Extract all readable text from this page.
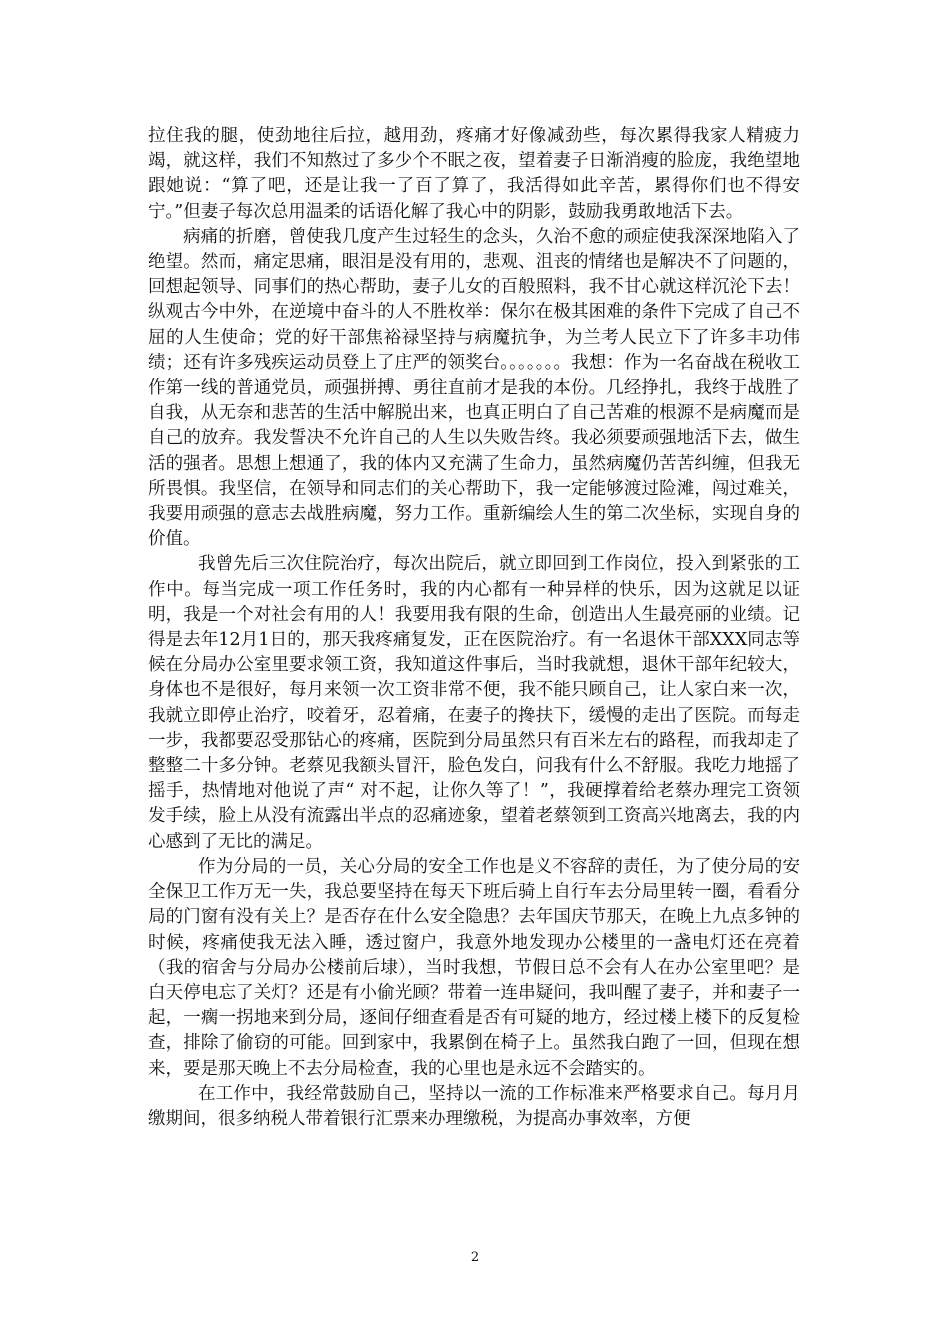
拉住我的腿，使劲地往后拉，越用劲，疼痛才好像减劲些，每次累得我家人精疲力竭，就这样，我们不知熬过了多少个不眠之夜，望着妻子日渐消瘦的脸庞，我绝望地跟她说：“算了吧，还是让我一了百了算了，我活得如此辛苦，累得你们也不得安宁。”但妻子每次总用温柔的话语化解了我心中的阴影，鼓励我勇敢地活下去。

病痛的折磨，曾使我几度产生过轻生的念头，久治不愈的顽症使我深深地陷入了绝望。然而，痛定思痛，眼泪是没有用的，悲观、沮丧的情绪也是解决不了问题的，回想起领导、同事们的热心帮助，妻子儿女的百般照料，我不甘心就这样沉沦下去！纵观古今中外，在逆境中奋斗的人不胜枚举：保尔在极其困难的条件下完成了自己不屈的人生使命；党的好干部焦裕禄坚持与病魔抗争，为兰考人民立下了许多丰功伟绩；还有许多残疾运动员登上了庄严的领奖台。。。。。。。我想：作为一名奋战在税收工作第一线的普通党员，顽强拼搏、勇往直前才是我的本份。几经挣扎，我终于战胜了自我，从无奈和悲苦的生活中解脱出来，也真正明白了自己苦难的根源不是病魔而是自己的放弃。我发誓决不允许自己的人生以失败告终。我必须要顽强地活下去，做生活的强者。思想上想通了，我的体内又充满了生命力，虽然病魔仍苦苦纠缠，但我无所畏惧。我坚信，在领导和同志们的关心帮助下，我一定能够渡过险滩，闯过难关，我要用顽强的意志去战胜病魔，努力工作。重新编绘人生的第二次坐标，实现自身的价值。

我曾先后三次住院治疗，每次出院后，就立即回到工作岗位，投入到紧张的工作中。每当完成一项工作任务时，我的内心都有一种异样的快乐，因为这就足以证明，我是一个对社会有用的人！我要用我有限的生命，创造出人生最亮丽的业绩。记得是去年12月1日的，那天我疼痛复发，正在医院治疗。有一名退休干部XXX同志等候在分局办公室里要求领工资，我知道这件事后，当时我就想，退休干部年纪较大，身体也不是很好，每月来领一次工资非常不便，我不能只顾自己，让人家白来一次，我就立即停止治疗，咬着牙，忍着痛，在妻子的搀扶下，缓慢的走出了医院。而每走一步，我都要忍受那钻心的疼痛，医院到分局虽然只有百米左右的路程，而我却走了整整二十多分钟。老蔡见我额头冒汗，脸色发白，问我有什么不舒服。我吃力地摇了摇手，热情地对他说了声“ 对不起，让你久等了！”，我硬撑着给老蔡办理完工资领发手续，脸上从没有流露出半点的忍痛迹象，望着老蔡领到工资高兴地离去，我的内心感到了无比的满足。

作为分局的一员，关心分局的安全工作也是义不容辞的责任，为了使分局的安全保卫工作万无一失，我总要坚持在每天下班后骑上自行车去分局里转一圈，看看分局的门窗有没有关上？是否存在什么安全隐患？去年国庆节那天，在晚上九点多钟的时候，疼痛使我无法入睡，透过窗户，我意外地发现办公楼里的一盏电灯还在亮着（我的宿舍与分局办公楼前后埭），当时我想，节假日总不会有人在办公室里吧？是白天停电忘了关灯？还是有小偷光顾？带着一连串疑问，我叫醒了妻子，并和妻子一起，一瘸一拐地来到分局，逐间仔细查看是否有可疑的地方，经过楼上楼下的反复检查，排除了偷窃的可能。回到家中，我累倒在椅子上。虽然我白跑了一回，但现在想来，要是那天晚上不去分局检查，我的心里也是永远不会踏实的。

在工作中，我经常鼓励自己，坚持以一流的工作标准来严格要求自己。每月月缴期间，很多纳税人带着银行汇票来办理缴税，为提高办事效率，方便

2
